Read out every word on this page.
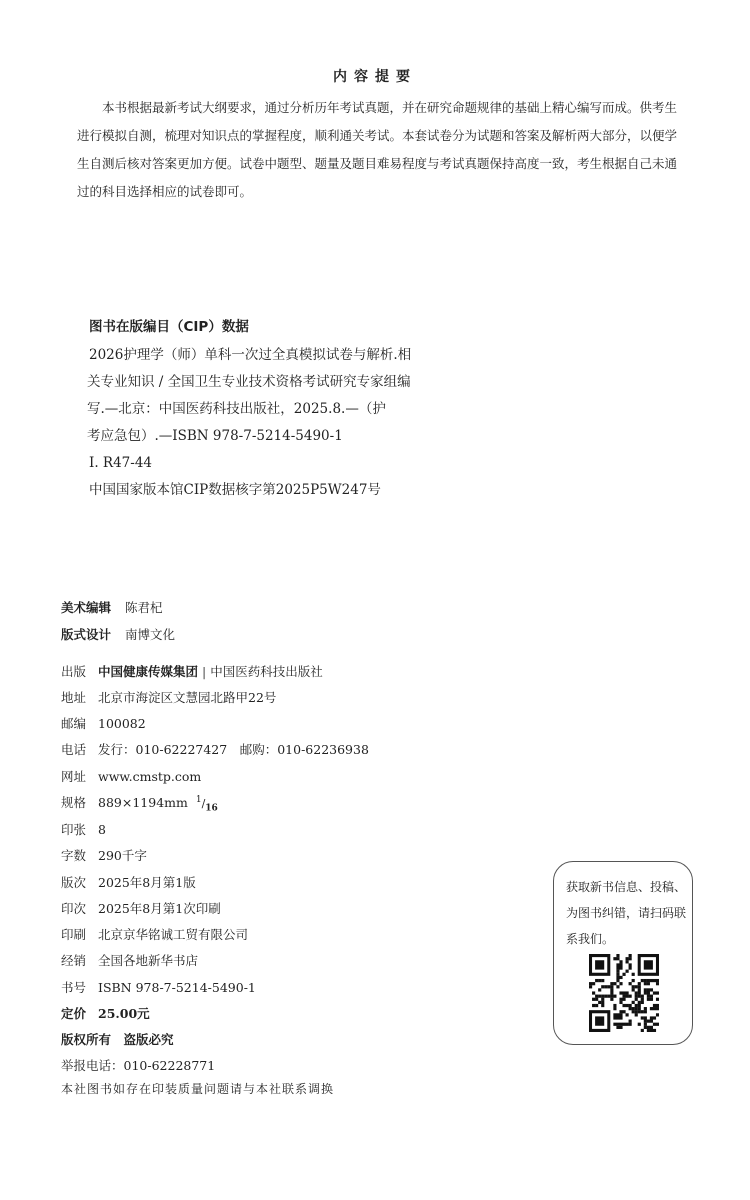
内容提要
本书根据最新考试大纲要求，通过分析历年考试真题，并在研究命题规律的基础上精心编写而成。供考生进行模拟自测，梳理对知识点的掌握程度，顺利通关考试。本套试卷分为试题和答案及解析两大部分，以便学生自测后核对答案更加方便。试卷中题型、题量及题目难易程度与考试真题保持高度一致，考生根据自己未通过的科目选择相应的试卷即可。
图书在版编目（CIP）数据
2026护理学（师）单科一次过全真模拟试卷与解析.相
关专业知识 / 全国卫生专业技术资格考试研究专家组编
写.—北京：中国医药科技出版社，2025.8.—（护
考应急包）.—ISBN 978-7-5214-5490-1
Ⅰ. R47-44
中国国家版本馆CIP数据核字第2025P5W247号
美术编辑 陈君杞
版式设计 南博文化
出版 中国健康传媒集团 | 中国医药科技出版社
地址 北京市海淀区文慧园北路甲22号
邮编 100082
电话 发行：010-62227427　邮购：010-62236938
网址 www.cmstp.com
规格 889×1194mm $^1/_{16}$
印张 8
字数 290千字
版次 2025年8月第1版
印次 2025年8月第1次印刷
印刷 北京京华铭诚工贸有限公司
经销 全国各地新华书店
书号 ISBN 978-7-5214-5490-1
定价 25.00元
版权所有　盗版必究
举报电话：010-62228771
本社图书如存在印装质量问题请与本社联系调换
获取新书信息、投稿、为图书纠错，请扫码联系我们。
